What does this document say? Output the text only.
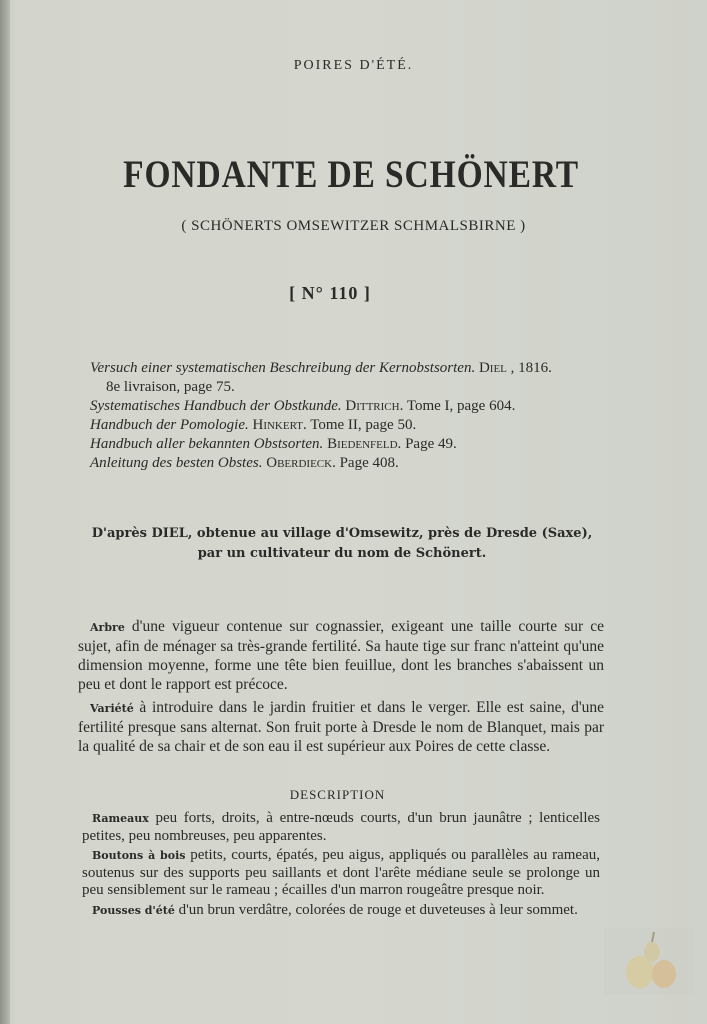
POIRES D'ÉTÉ.
FONDANTE DE SCHÖNERT
( SCHÖNERTS OMSEWITZER SCHMALSBIRNE )
[ N° 110 ]
Versuch einer systematischen Beschreibung der Kernobstsorten. Diel , 1816.
8e livraison, page 75.
Systematisches Handbuch der Obstkunde. Dittrich. Tome I, page 604.
Handbuch der Pomologie. Hinkert. Tome II, page 50.
Handbuch aller bekannten Obstsorten. Biedenfeld. Page 49.
Anleitung des besten Obstes. Oberdieck. Page 408.
D'après DIEL, obtenue au village d'Omsewitz, près de Dresde (Saxe),
par un cultivateur du nom de Schönert.

Arbre d'une vigueur contenue sur cognassier, exigeant une taille courte sur ce sujet, afin de ménager sa très-grande fertilité. Sa haute tige sur franc n'atteint qu'une dimension moyenne, forme une tête bien feuillue, dont les branches s'abaissent un peu et dont le rapport est précoce.

Variété à introduire dans le jardin fruitier et dans le verger. Elle est saine, d'une fertilité presque sans alternat. Son fruit porte à Dresde le nom de Blanquet, mais par la qualité de sa chair et de son eau il est supérieur aux Poires de cette classe.

DESCRIPTION

Rameaux peu forts, droits, à entre-nœuds courts, d'un brun jaunâtre ; lenticelles petites, peu nombreuses, peu apparentes.

Boutons à bois petits, courts, épatés, peu aigus, appliqués ou parallèles au rameau, soutenus sur des supports peu saillants et dont l'arête médiane seule se prolonge un peu sensiblement sur le rameau ; écailles d'un marron rougeâtre presque noir.

Pousses d'été d'un brun verdâtre, colorées de rouge et duveteuses à leur sommet.
